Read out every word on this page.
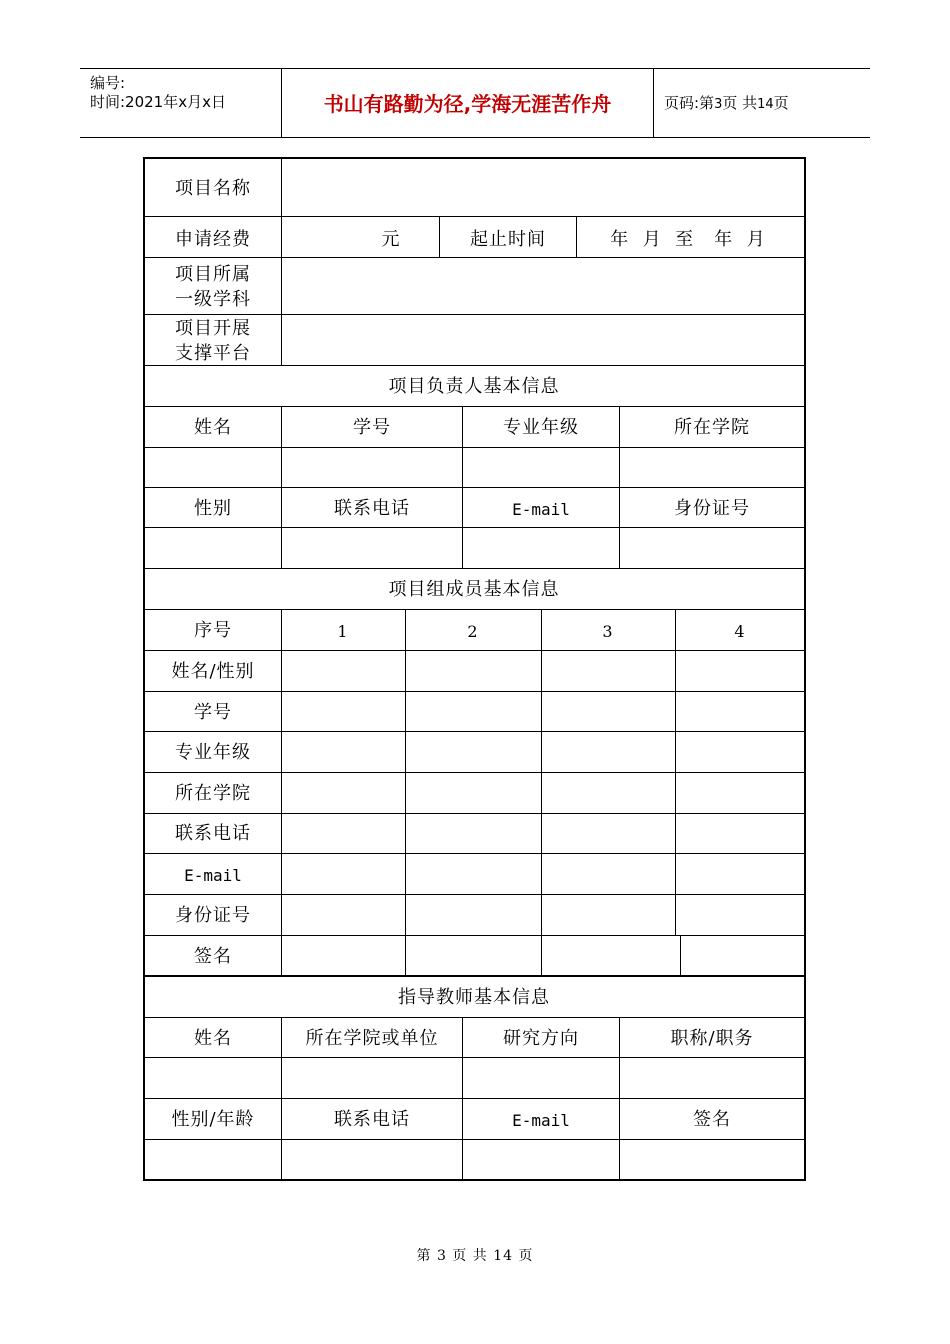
编号:
时间:2021年x月x日	书山有路勤为径,学海无涯苦作舟	页码:第3页 共14页
项目名称
申请经费	元	起止时间	年  月  至   年  月
项目所属
一级学科
项目开展
支撑平台
项目负责人基本信息
姓名	学号	专业年级	所在学院
性别	联系电话	E-mail	身份证号
项目组成员基本信息
序号	1	2	3	4
姓名/性别
学号
专业年级
所在学院
联系电话
E-mail
身份证号
签名
指导教师基本信息
姓名	所在学院或单位	研究方向	职称/职务
性别/年龄	联系电话	E-mail	签名
第 3 页 共 14 页
